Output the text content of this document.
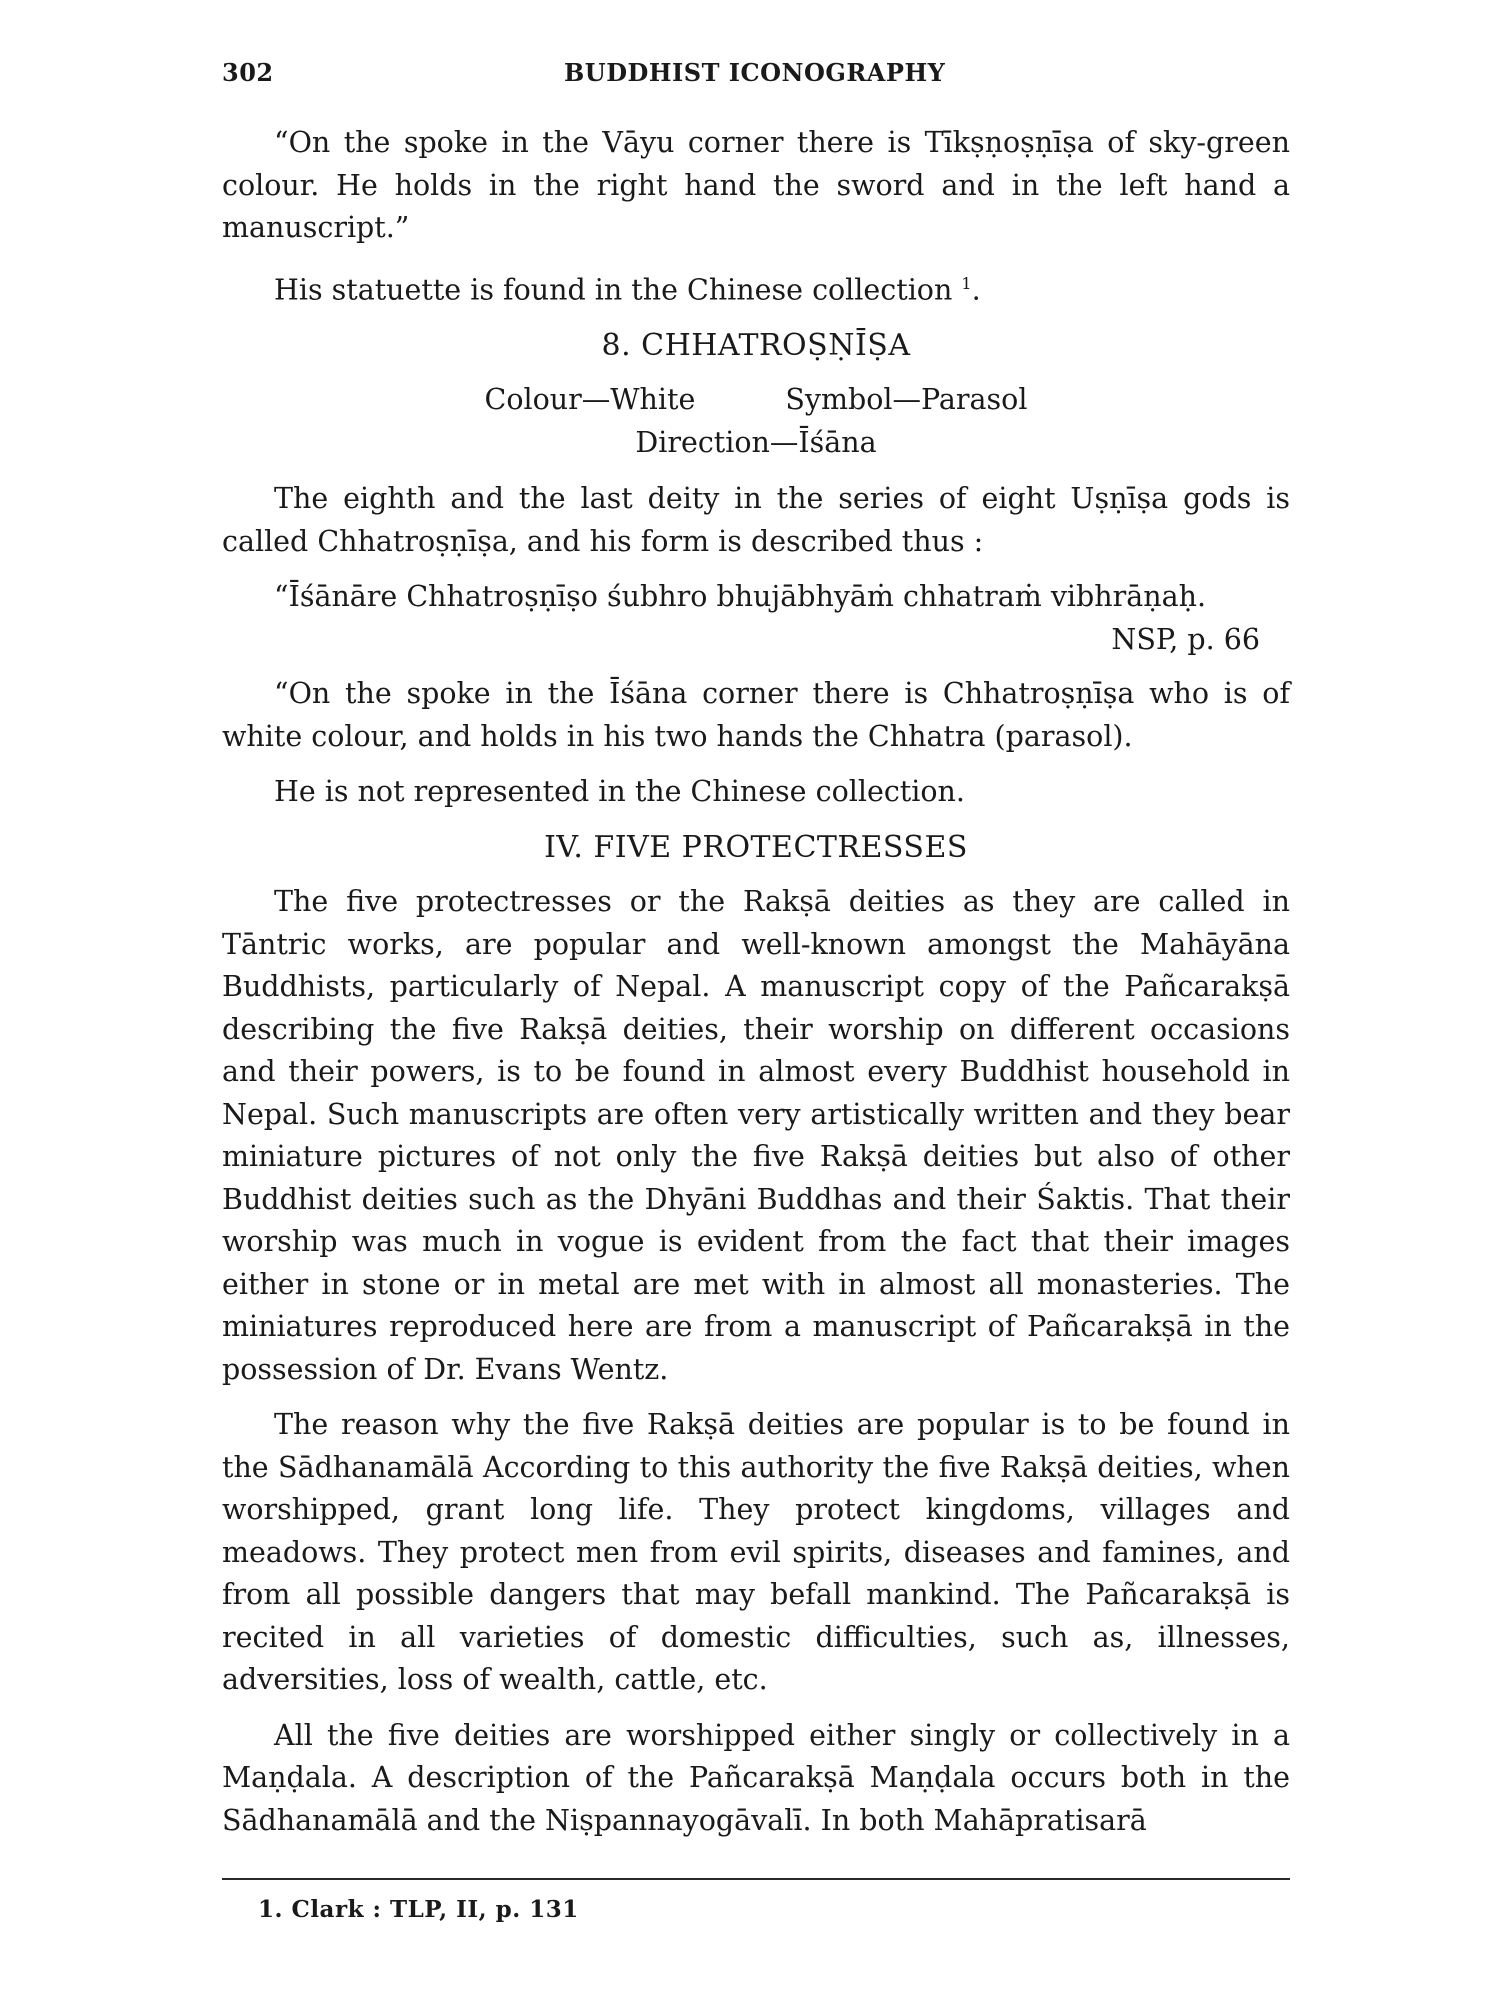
302	BUDDHIST ICONOGRAPHY

“On the spoke in the Vāyu corner there is Tīkṣṇoṣṇīṣa of sky-green colour. He holds in the right hand the sword and in the left hand a manuscript.”

His statuette is found in the Chinese collection $^1$.

8. CHHATROṢṆĪṢA
Colour—White	Symbol—Parasol
Direction—Īśāna

The eighth and the last deity in the series of eight Uṣṇīṣa gods is called Chhatroṣṇīṣa, and his form is described thus :

“Īśānāre Chhatroṣṇīṣo śubhro bhujābhyāṁ chhatraṁ vibhrāṇaḥ.
NSP, p. 66

“On the spoke in the Īśāna corner there is Chhatroṣṇīṣa who is of white colour, and holds in his two hands the Chhatra (parasol).

He is not represented in the Chinese collection.

IV. FIVE PROTECTRESSES

The five protectresses or the Rakṣā deities as they are called in Tāntric works, are popular and well-known amongst the Mahāyāna Buddhists, particularly of Nepal. A manuscript copy of the Pañcarakṣā describing the five Rakṣā deities, their worship on different occasions and their powers, is to be found in almost every Buddhist household in Nepal. Such manuscripts are often very artistically written and they bear miniature pictures of not only the five Rakṣā deities but also of other Buddhist deities such as the Dhyāni Buddhas and their Śaktis. That their worship was much in vogue is evident from the fact that their images either in stone or in metal are met with in almost all monasteries. The miniatures reproduced here are from a manuscript of Pañcarakṣā in the possession of Dr. Evans Wentz.

The reason why the five Rakṣā deities are popular is to be found in the Sādhanamālā According to this authority the five Rakṣā deities, when worshipped, grant long life. They protect kingdoms, villages and meadows. They protect men from evil spirits, diseases and famines, and from all possible dangers that may befall mankind. The Pañcarakṣā is recited in all varieties of domestic difficulties, such as, illnesses, adversities, loss of wealth, cattle, etc.

All the five deities are worshipped either singly or collectively in a Maṇḍala. A description of the Pañcarakṣā Maṇḍala occurs both in the Sādhanamālā and the Niṣpannayogāvalī. In both Mahāpratisarā

1. Clark : TLP, II, p. 131
